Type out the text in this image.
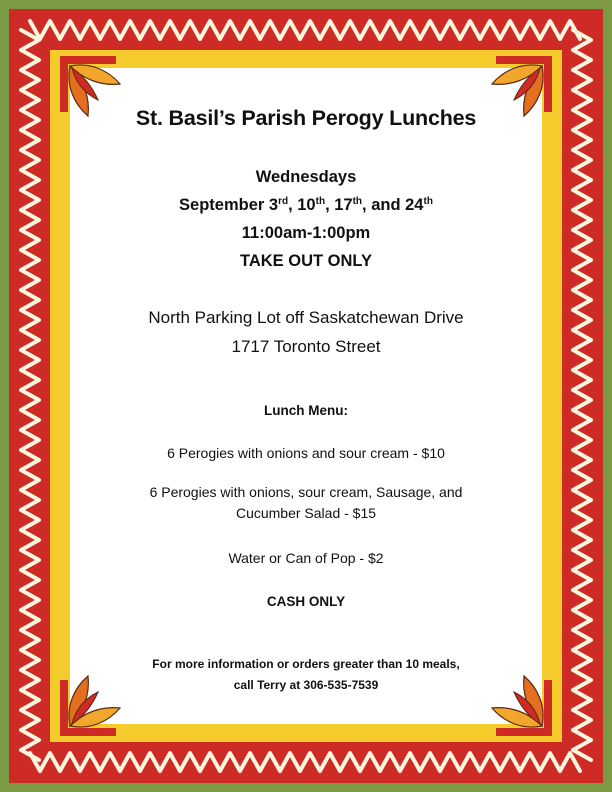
St. Basil’s Parish Perogy Lunches
Wednesdays
September 3rd, 10th, 17th, and 24th
11:00am-1:00pm
TAKE OUT ONLY
North Parking Lot off Saskatchewan Drive
1717 Toronto Street
Lunch Menu:
6 Perogies with onions and sour cream - $10
6 Perogies with onions, sour cream, Sausage, and
Cucumber Salad - $15
Water or Can of Pop - $2
CASH ONLY
For more information or orders greater than 10 meals,
call Terry at 306-535-7539
